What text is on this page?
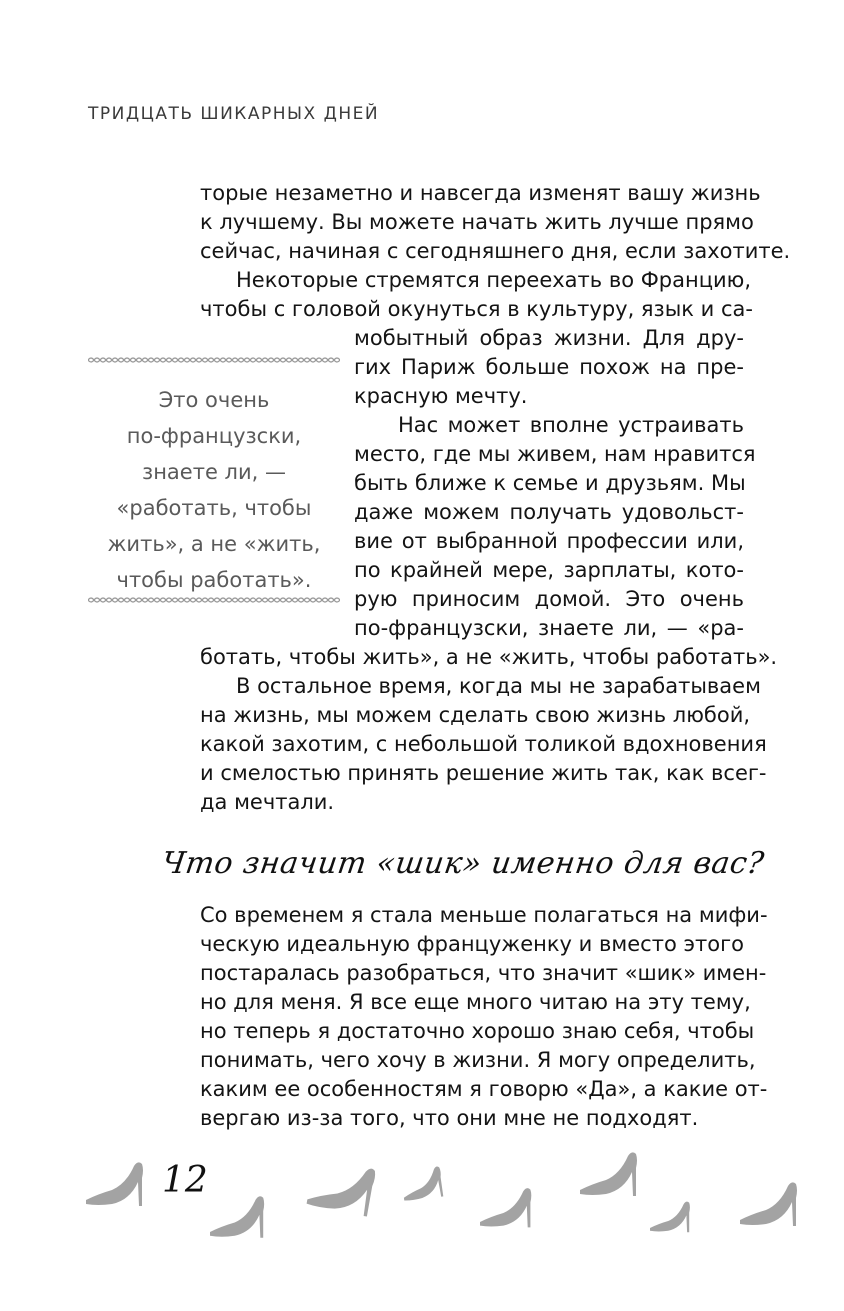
ТРИДЦАТЬ ШИКАРНЫХ ДНЕЙ
торые незаметно и навсегда изменят вашу жизнь
к лучшему. Вы можете начать жить лучше прямо
сейчас, начиная с сегодняшнего дня, если захотите.
Некоторые стремятся переехать во Францию,
чтобы с головой окунуться в культуру, язык и са-
мобытный образ жизни. Для дру-
гих Париж больше похож на пре-
красную мечту.
Нас может вполне устраивать
место, где мы живем, нам нравится
быть ближе к семье и друзьям. Мы
даже можем получать удовольст-
вие от выбранной профессии или,
по крайней мере, зарплаты, кото-
рую приносим домой. Это очень
по-французски, знаете ли, — «ра-
ботать, чтобы жить», а не «жить, чтобы работать».
В остальное время, когда мы не зарабатываем
на жизнь, мы можем сделать свою жизнь любой,
какой захотим, с небольшой толикой вдохновения
и смелостью принять решение жить так, как всег-
да мечтали.
Это очень
по-французски,
знаете ли, —
«работать, чтобы
жить», а не «жить,
чтобы работать».
Что значит «шик» именно для вас?
Со временем я стала меньше полагаться на мифи-
ческую идеальную француженку и вместо этого
постаралась разобраться, что значит «шик» имен-
но для меня. Я все еще много читаю на эту тему,
но теперь я достаточно хорошо знаю себя, чтобы
понимать, чего хочу в жизни. Я могу определить,
каким ее особенностям я говорю «Да», а какие от-
вергаю из-за того, что они мне не подходят.
12
